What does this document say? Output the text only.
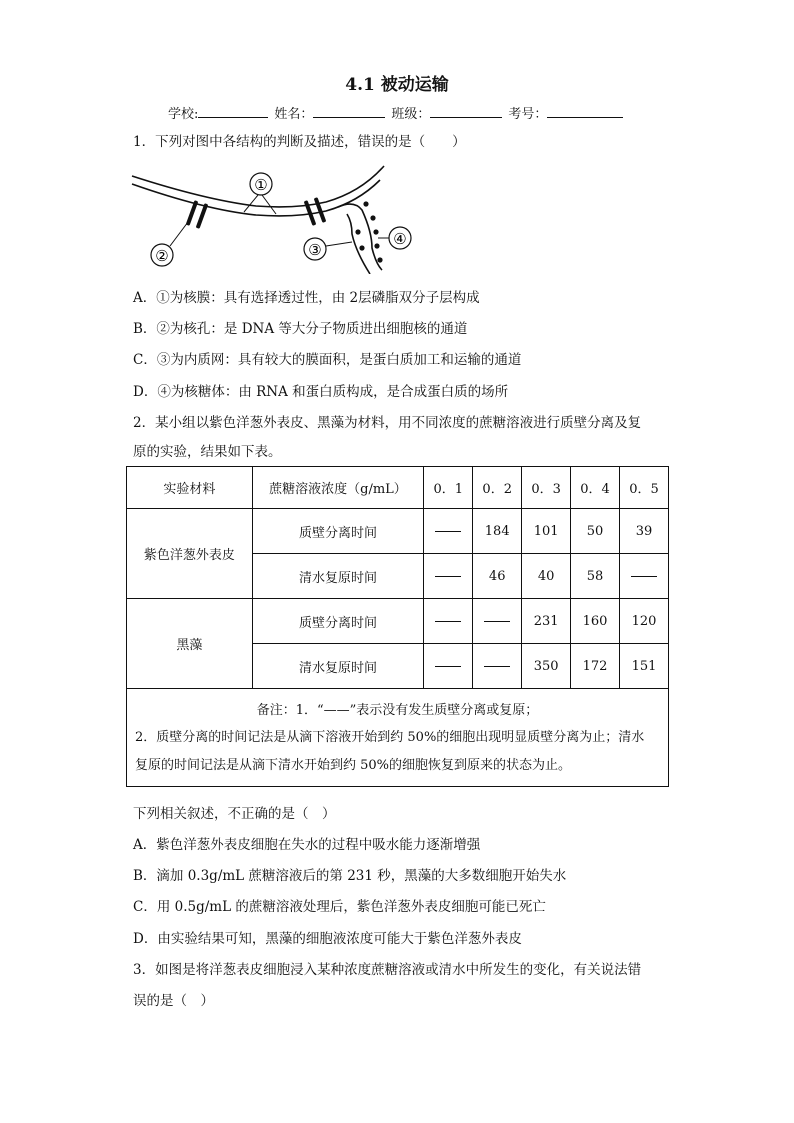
4.1 被动运输
学校:	姓名：	班级：	考号：
1．下列对图中各结构的判断及描述，错误的是（　　）
①
②	③
④
A．①为核膜：具有选择透过性，由 2层磷脂双分子层构成
B．②为核孔：是 DNA 等大分子物质进出细胞核的通道
C．③为内质网：具有较大的膜面积，是蛋白质加工和运输的通道
D．④为核糖体：由 RNA 和蛋白质构成，是合成蛋白质的场所
2．某小组以紫色洋葱外表皮、黑藻为材料，用不同浓度的蔗糖溶液进行质壁分离及复
原的实验，结果如下表。
实验材料	蔗糖溶液浓度（g/mL）	0．1	0．2	0．3	0．4	0．5
紫色洋葱外表皮	质壁分离时间		184	101	50	39
	清水复原时间		46	40	58	
黑藻	质壁分离时间			231	160	120
	清水复原时间			350	172	151

备注：1．“——”表示没有发生质壁分离或复原；
2．质壁分离的时间记法是从滴下溶液开始到约 50%的细胞出现明显质壁分离为止；清水复原的时间记法是从滴下清水开始到约 50%的细胞恢复到原来的状态为止。						
下列相关叙述，不正确的是（　）
A．紫色洋葱外表皮细胞在失水的过程中吸水能力逐渐增强
B．滴加 0.3g/mL 蔗糖溶液后的第 231 秒，黑藻的大多数细胞开始失水
C．用 0.5g/mL 的蔗糖溶液处理后，紫色洋葱外表皮细胞可能已死亡
D．由实验结果可知，黑藻的细胞液浓度可能大于紫色洋葱外表皮
3．如图是将洋葱表皮细胞浸入某种浓度蔗糖溶液或清水中所发生的变化，有关说法错
误的是（　）
